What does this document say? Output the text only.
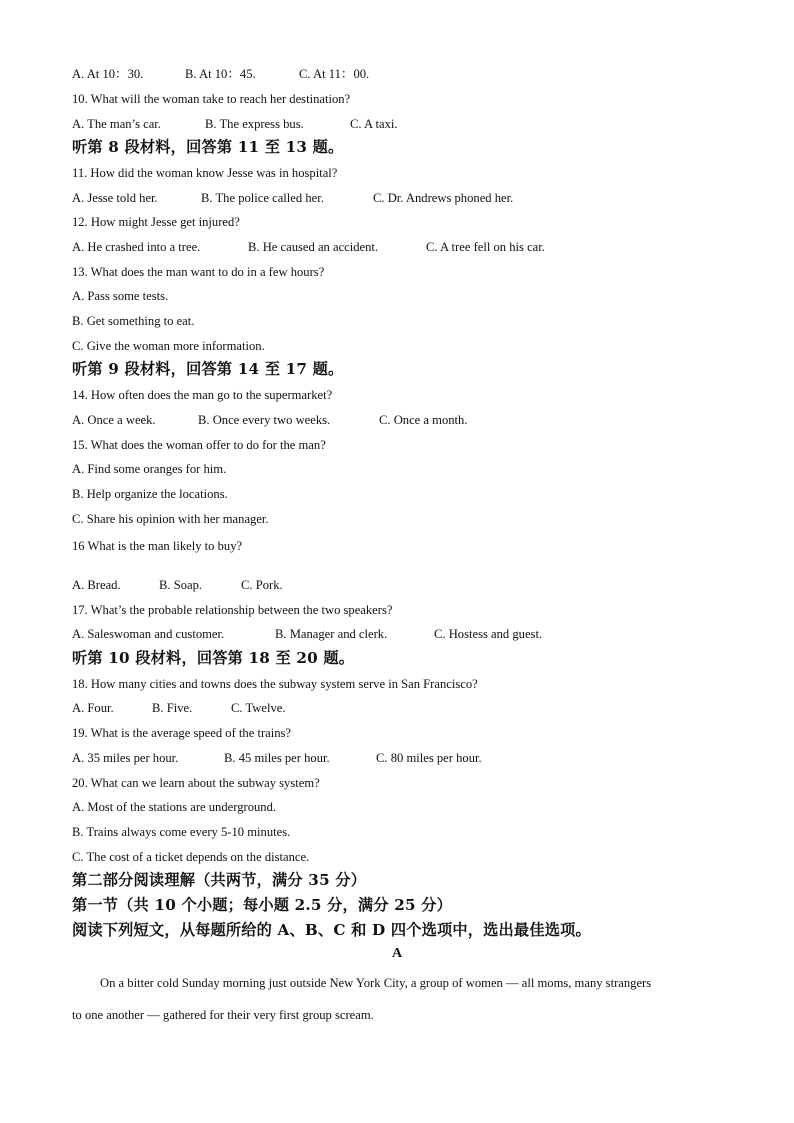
A. At 10：30.	B. At 10：45.	C. At 11：00.
10. What will the woman take to reach her destination?
A. The man’s car.	B. The express bus.	C. A taxi.
听第 8 段材料，回答第 11 至 13 题。
11. How did the woman know Jesse was in hospital?
A. Jesse told her.	B. The police called her.	C. Dr. Andrews phoned her.
12. How might Jesse get injured?
A. He crashed into a tree.	B. He caused an accident.	C. A tree fell on his car.
13. What does the man want to do in a few hours?
A. Pass some tests.
B. Get something to eat.
C. Give the woman more information.
听第 9 段材料，回答第 14 至 17 题。
14. How often does the man go to the supermarket?
A. Once a week.	B. Once every two weeks.	C. Once a month.
15. What does the woman offer to do for the man?
A. Find some oranges for him.
B. Help organize the locations.
C. Share his opinion with her manager.
16 What is the man likely to buy?
A. Bread.	B. Soap.	C. Pork.
17. What’s the probable relationship between the two speakers?
A. Saleswoman and customer.	B. Manager and clerk.	C. Hostess and guest.
听第 10 段材料，回答第 18 至 20 题。
18. How many cities and towns does the subway system serve in San Francisco?
A. Four.	B. Five.	C. Twelve.
19. What is the average speed of the trains?
A. 35 miles per hour.	B. 45 miles per hour.	C. 80 miles per hour.
20. What can we learn about the subway system?
A. Most of the stations are underground.
B. Trains always come every 5-10 minutes.
C. The cost of a ticket depends on the distance.
第二部分阅读理解（共两节，满分 35 分）
第一节（共 10 个小题；每小题 2.5 分，满分 25 分）
阅读下列短文，从每题所给的 A、B、C 和 D 四个选项中，选出最佳选项。
A
On a bitter cold Sunday morning just outside New York City, a group of women — all moms, many strangers
to one another — gathered for their very first group scream.
